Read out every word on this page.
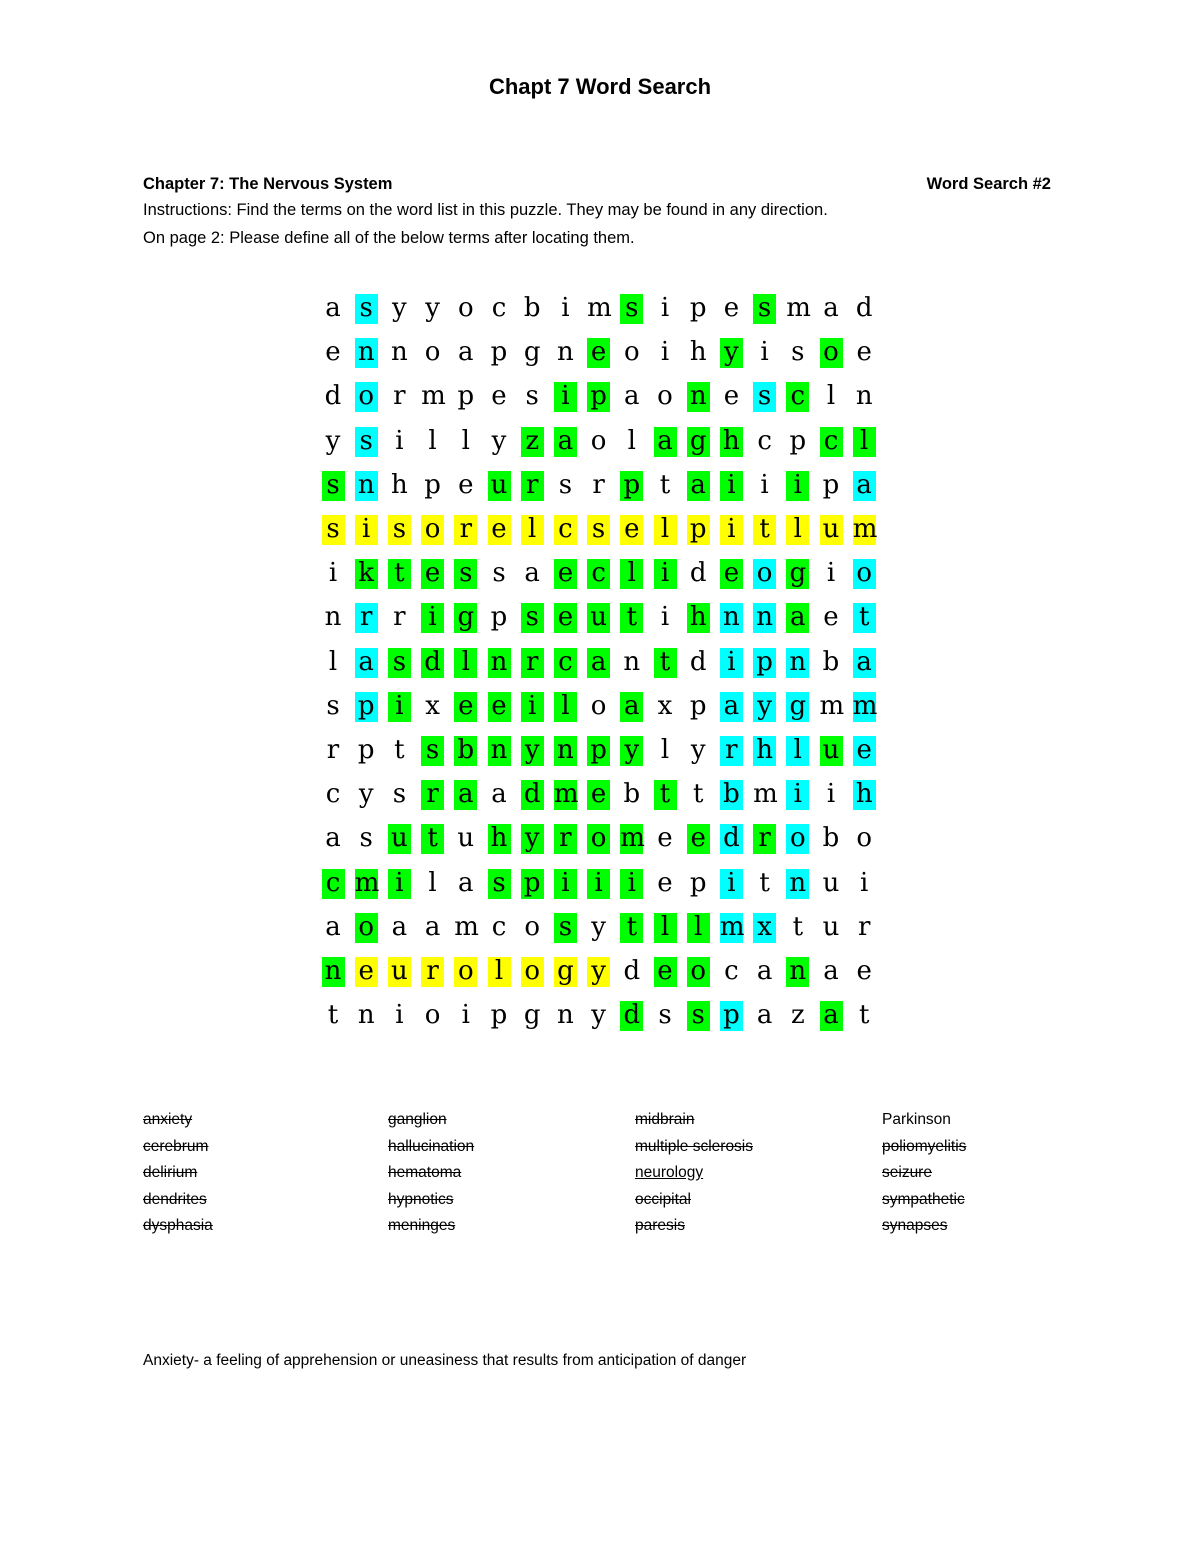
Chapt 7 Word Search
Chapter 7: The Nervous System	Word Search #2
Instructions: Find the terms on the word list in this puzzle. They may be found in any direction.
On page 2: Please define all of the below terms after locating them.
a s y y o c b i m s i p e s m a d
e n n o a p g n e o i h y i s o e
d o r m p e s i p a o n e s c l n
y s i l l y z a o l a g h c p c l
s n h p e u r s r p t a i i i p a
s i s o r e l c s e l p i t l u m
i k t e s s a e c l i d e o g i o
n r r i g p s e u t i h n n a e t
l a s d l n r c a n t d i p n b a
s p i x e e i l o a x p a y g m m
r p t s b n y n p y l y r h l u e
c y s r a a d m e b t t b m i i h
a s u t u h y r o m e e d r o b o
c m i l a s p i i i e p i t n u i
a o a a m c o s y t l l m x t u r
n e u r o l o g y d e o c a n a e
t n i o i p g n y d s s p a z a t
anxiety
cerebrum
delirium
dendrites
dysphasia
ganglion
hallucination
hematoma
hypnotics
meninges
midbrain
multiple sclerosis
neurology
occipital
paresis
Parkinson
poliomyelitis
seizure
sympathetic
synapses
Anxiety- a feeling of apprehension or uneasiness that results from anticipation of danger
